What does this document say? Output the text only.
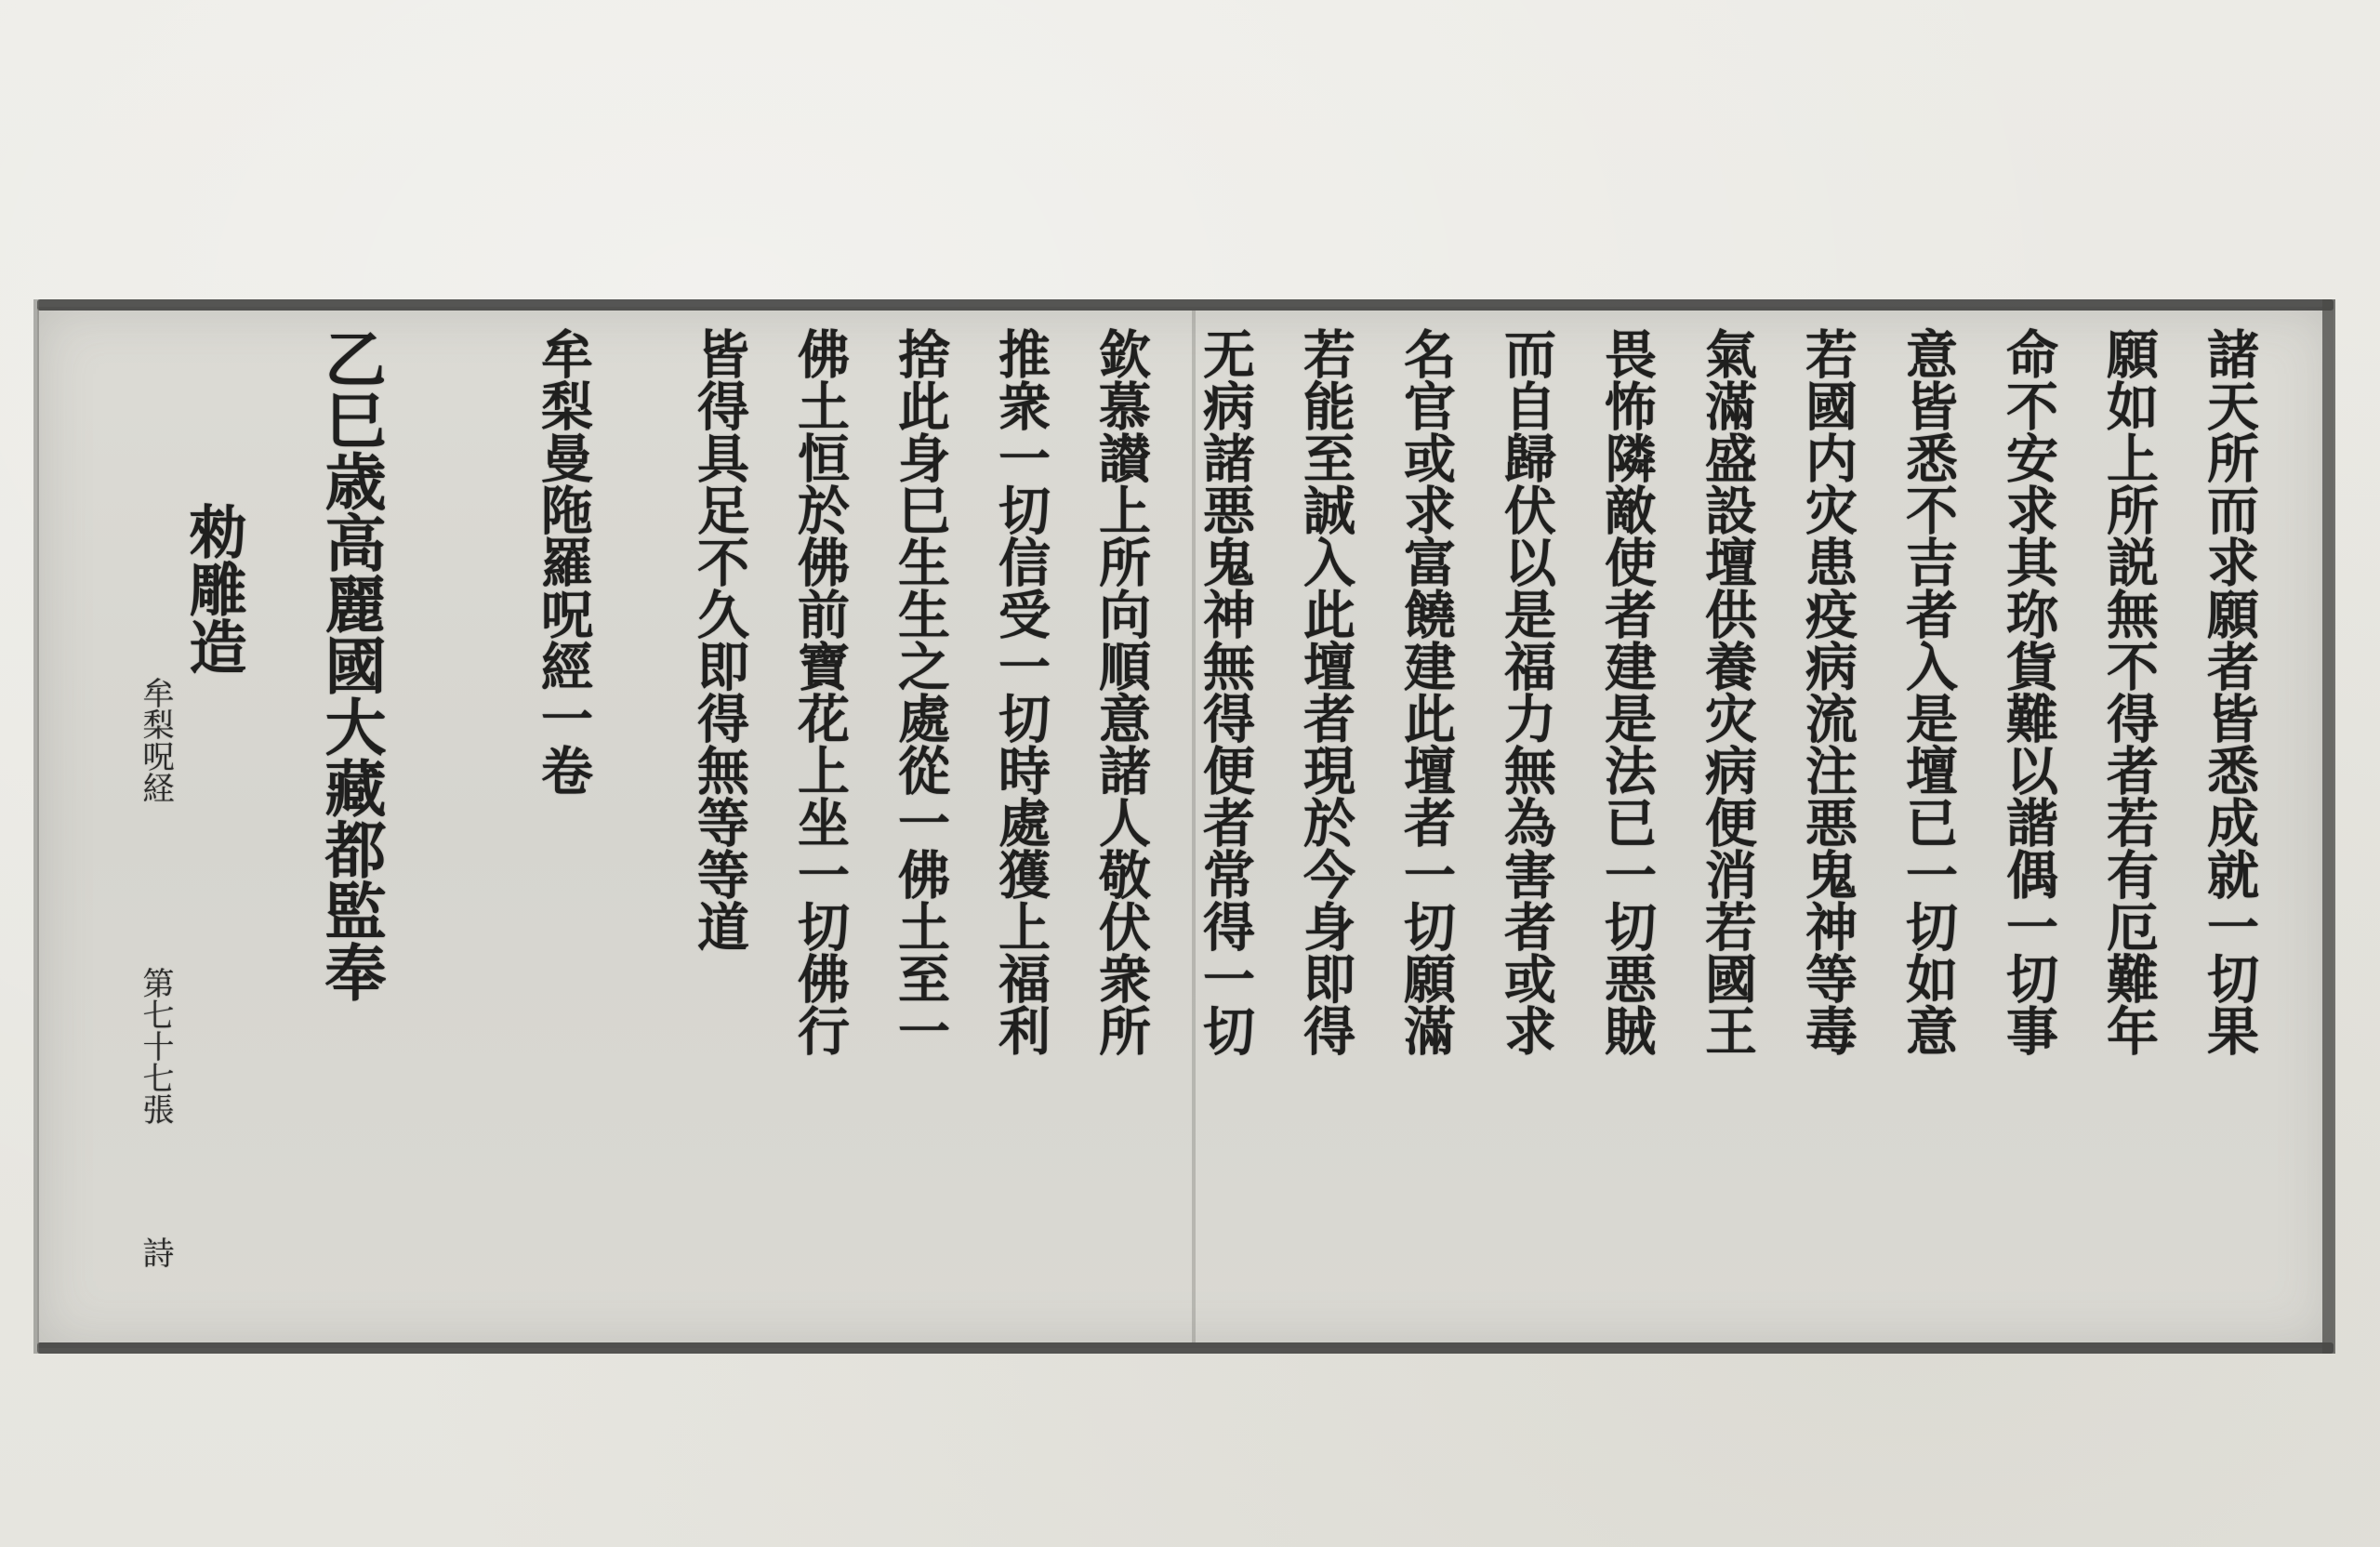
諸天所而求願者皆悉成就一切果
願如上所説無不得者若有厄難年
命不安求其珎貨難以諧偶一切事
意皆悉不吉者入是壇已一切如意
若國内灾患疫病流注悪鬼神等毒
氣滿盛設壇供養灾病便消若國王
畏怖隣敵使者建是法已一切悪賊
而自歸伏以是福力無為害者或求
名官或求富饒建此壇者一切願滿
若能至誠入此壇者現於今身即得
无病諸悪鬼神無得便者常得一切
欽慕讃上所向順意諸人敬伏衆所
推衆一切信受一切時處獲上福利
捨此身巳生生之處從一佛土至一
佛土恒於佛前寶花上坐一切佛行
皆得具足不久即得無等等道
牟梨曼陁羅呪經一卷
乙巳歳高麗國大藏都監奉
勑雕造
牟梨呪経
第七十七張
詩
